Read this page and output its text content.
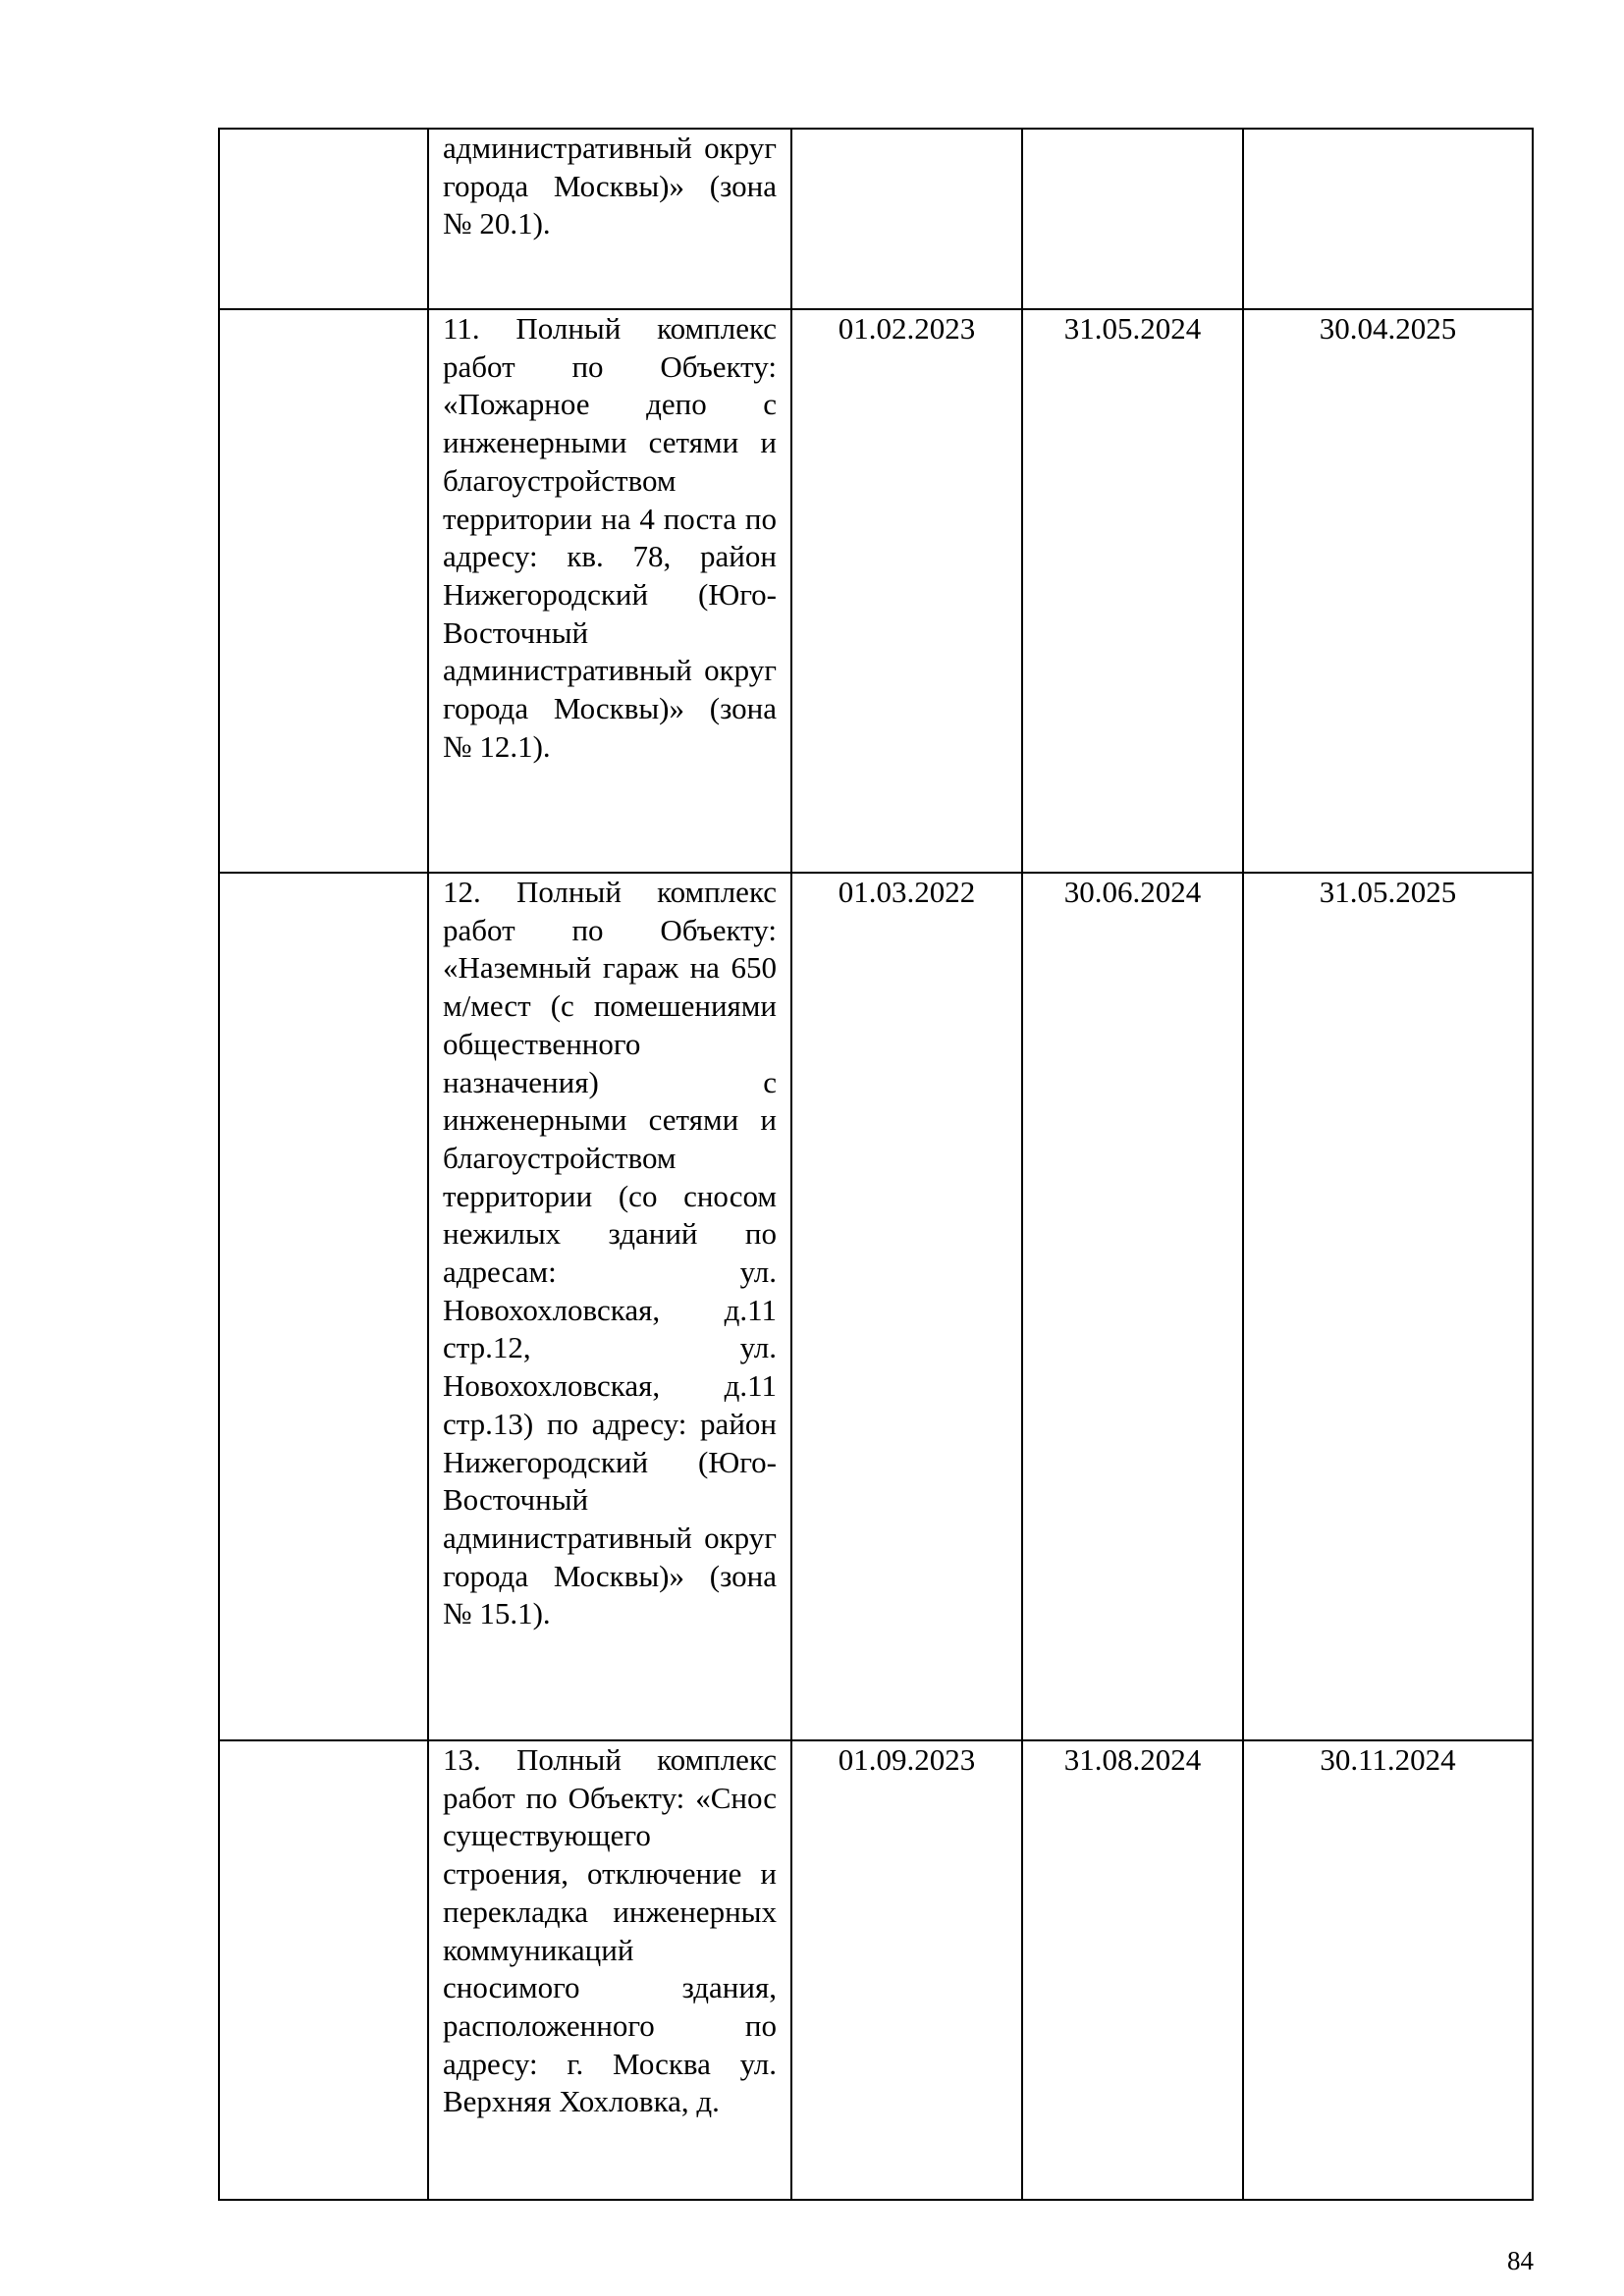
	административный округ города Москвы)» (зона № 20.1).			

	11. Полный комплекс работ по Объекту: «Пожарное депо с инженерными сетями и благоустройством территории на 4 поста по адресу: кв. 78, район Нижегородский (Юго-Восточный административный округ города Москвы)» (зона № 12.1).	01.02.2023	31.05.2024	30.04.2025

	12. Полный комплекс работ по Объекту: «Наземный гараж на 650 м/мест (с помешениями общественного назначения) с инженерными сетями и благоустройством территории (со сносом нежилых зданий по адресам: ул. Новохохловская, д.11 стр.12, ул. Новохохловская, д.11 стр.13) по адресу: район Нижегородский (Юго-Восточный административный округ города Москвы)» (зона № 15.1).	01.03.2022	30.06.2024	31.05.2025

	13. Полный комплекс работ по Объекту: «Снос существующего строения, отключение и перекладка инженерных коммуникаций сносимого здания, расположенного по адресу: г. Москва ул. Верхняя Хохловка, д.	01.09.2023	31.08.2024	30.11.2024
84
